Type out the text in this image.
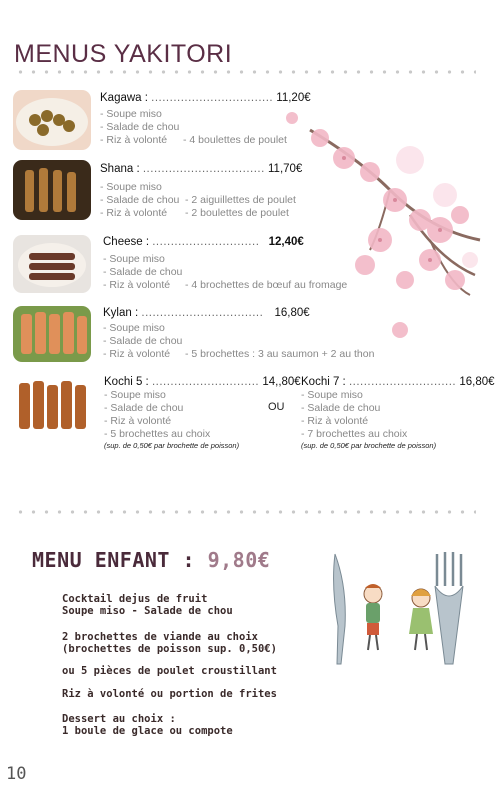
MENUS YAKITORI
Kagawa : ................................. 11,20€
- Soupe miso
- Salade de chou
- Riz à volonté - 4 boulettes de poulet
Shana : ................................. 11,70€
- Soupe miso
- Salade de chou - 2 aiguillettes de poulet
- Riz à volonté - 2 boulettes de poulet
Cheese : ............................. 12,40€
- Soupe miso
- Salade de chou
- Riz à volonté - 4 brochettes de bœuf au fromage
Kylan : ................................. 16,80€
- Soupe miso
- Salade de chou
- Riz à volonté - 5 brochettes : 3 au saumon + 2 au thon
Kochi 5 : ............................. 14,,80€
- Soupe miso
- Salade de chou
- Riz à volonté
- 5 brochettes au choix
(sup. de 0,50€ par brochette de poisson)
OU
Kochi 7 : ............................. 16,80€
- Soupe miso
- Salade de chou
- Riz à volonté
- 7 brochettes au choix
(sup. de 0,50€ par brochette de poisson)
MENU ENFANT : 9,80€
Cocktail dejus de fruit
Soupe miso - Salade de chou
2 brochettes de viande au choix
(brochettes de poisson sup. 0,50€)
ou 5 pièces de poulet croustillant
Riz à volonté ou portion de frites
Dessert au choix :
1 boule de glace ou compote
10
